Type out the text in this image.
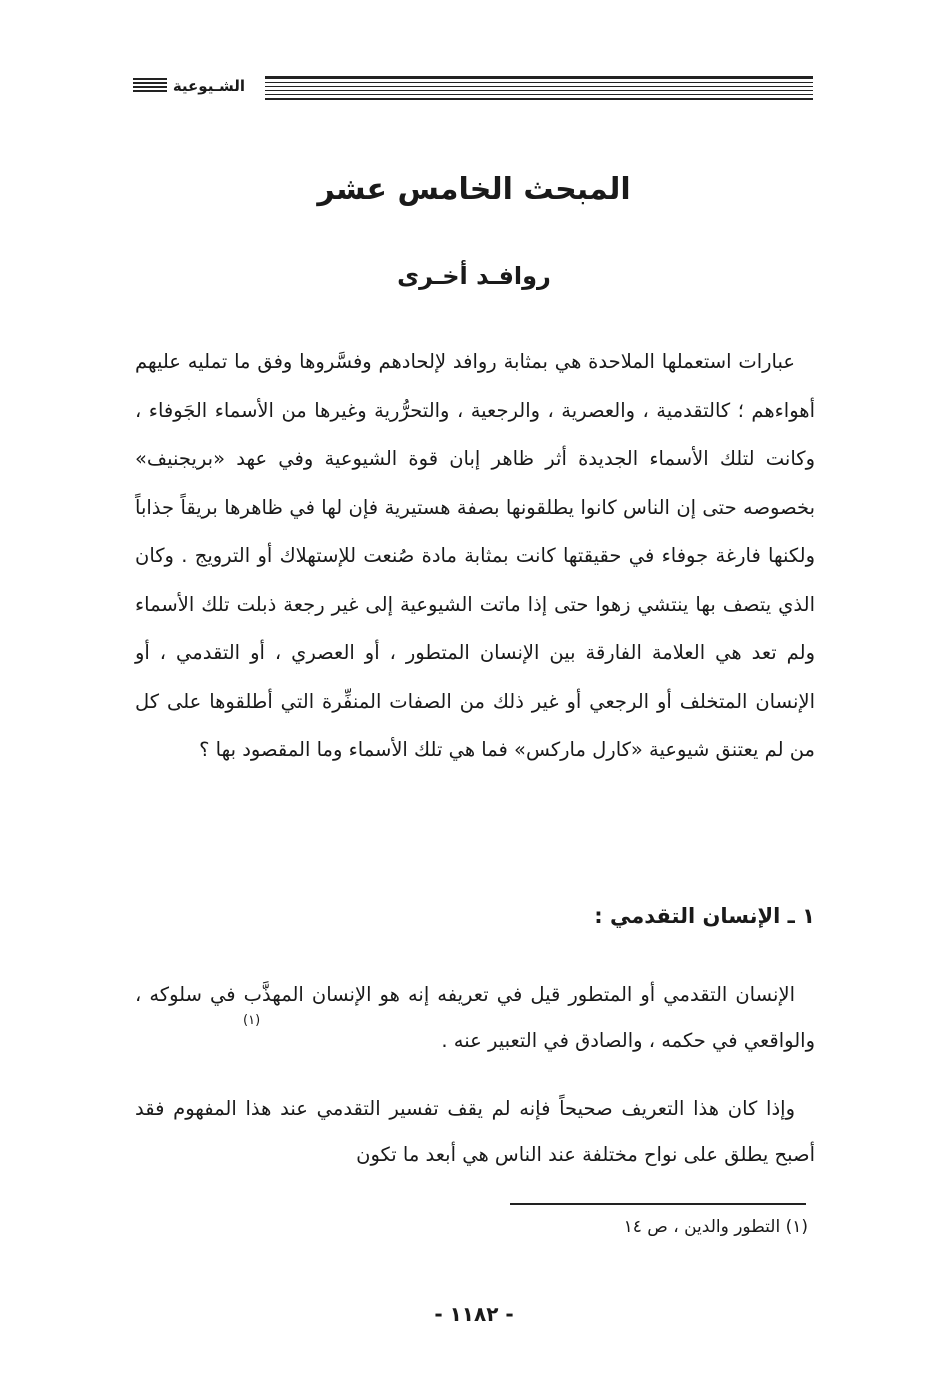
الشـيوعية
المبحث الخامس عشر
روافـد أخـرى
عبارات استعملها الملاحدة هي بمثابة روافد لإلحادهم وفسَّروها وفق ما تمليه عليهم أهواءهم ؛ كالتقدمية ، والعصرية ، والرجعية ، والتحرُّرية وغيرها من الأسماء الجَوفاء ، وكانت لتلك الأسماء الجديدة أثر ظاهر إبان قوة الشيوعية وفي عهد «بريجنيف» بخصوصه حتى إن الناس كانوا يطلقونها بصفة هستيرية فإن لها في ظاهرها بريقاً جذاباً ولكنها فارغة جوفاء في حقيقتها كانت بمثابة مادة صُنعت للإستهلاك أو الترويج . وكان الذي يتصف بها ينتشي زهوا حتى إذا ماتت الشيوعية إلى غير رجعة ذبلت تلك الأسماء ولم تعد هي العلامة الفارقة بين الإنسان المتطور ، أو العصري ، أو التقدمي ، أو الإنسان المتخلف أو الرجعي أو غير ذلك من الصفات المنفِّرة التي أطلقوها على كل من لم يعتنق شيوعية «كارل ماركس» فما هي تلك الأسماء وما المقصود بها ؟
١ ـ الإنسان التقدمي :
الإنسان التقدمي أو المتطور قيل في تعريفه إنه هو الإنسان المهذَّب في سلوكه ، والواقعي في حكمه ، والصادق في التعبير عنه .
(١)
وإذا كان هذا التعريف صحيحاً فإنه لم يقف تفسير التقدمي عند هذا المفهوم فقد أصبح يطلق على نواح مختلفة عند الناس هي أبعد ما تكون
(١) التطور والدين ، ص ١٤
- ١١٨٢ -
